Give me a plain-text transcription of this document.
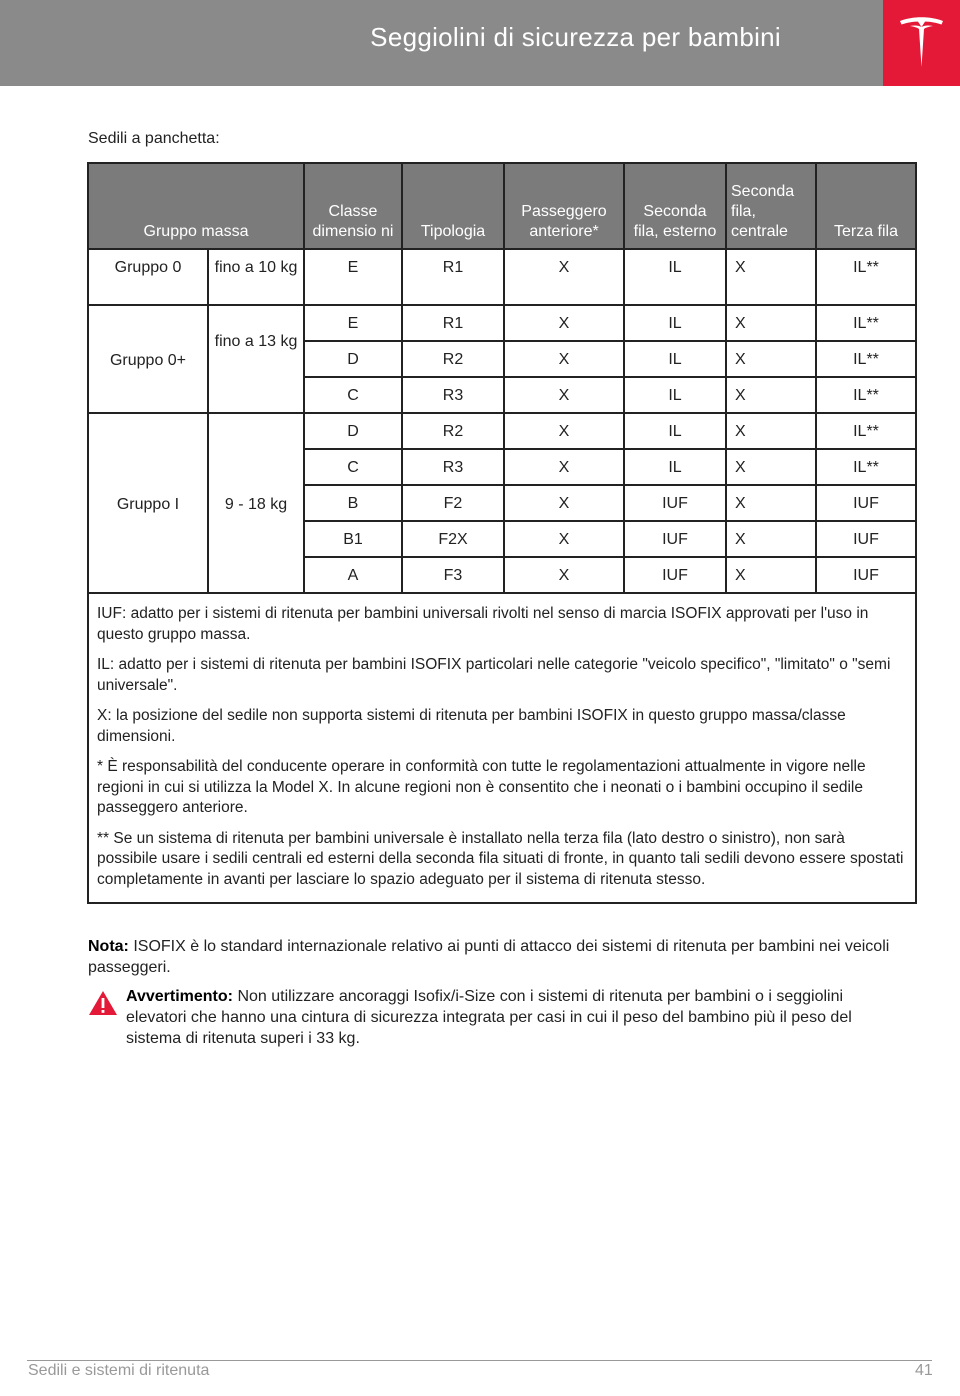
Seggiolini di sicurezza per bambini
Sedili a panchetta:
Gruppo massa		Classe dimensio ni	Tipologia	Passeggero anteriore*	Seconda fila, esterno	Seconda fila, centrale	Terza fila
Gruppo 0	fino a 10 kg	E	R1	X	IL	X	IL**
Gruppo 0+	fino a 13 kg	E	R1	X	IL	X	IL**
		D	R2	X	IL	X	IL**
		C	R3	X	IL	X	IL**
Gruppo I	9 - 18 kg	D	R2	X	IL	X	IL**
		C	R3	X	IL	X	IL**
		B	F2	X	IUF	X	IUF
		B1	F2X	X	IUF	X	IUF
		A	F3	X	IUF	X	IUF

IUF: adatto per i sistemi di ritenuta per bambini universali rivolti nel senso di marcia ISOFIX approvati per l'uso in questo gruppo massa.

IL: adatto per i sistemi di ritenuta per bambini ISOFIX particolari nelle categorie "veicolo specifico", "limitato" o "semi universale".

X: la posizione del sedile non supporta sistemi di ritenuta per bambini ISOFIX in questo gruppo massa/classe dimensioni.

* È responsabilità del conducente operare in conformità con tutte le regolamentazioni attualmente in vigore nelle regioni in cui si utilizza la Model X. In alcune regioni non è consentito che i neonati o i bambini occupino il sedile passeggero anteriore.

** Se un sistema di ritenuta per bambini universale è installato nella terza fila (lato destro o sinistro), non sarà possibile usare i sedili centrali ed esterni della seconda fila situati di fronte, in quanto tali sedili devono essere spostati completamente in avanti per lasciare lo spazio adeguato per il sistema di ritenuta stesso.							

Nota: ISOFIX è lo standard internazionale relativo ai punti di attacco dei sistemi di ritenuta per bambini nei veicoli passeggeri.
Avvertimento: Non utilizzare ancoraggi Isofix/i-Size con i sistemi di ritenuta per bambini o i seggiolini elevatori che hanno una cintura di sicurezza integrata per casi in cui il peso del bambino più il peso del sistema di ritenuta superi i 33 kg.
Sedili e sistemi di ritenuta	41
